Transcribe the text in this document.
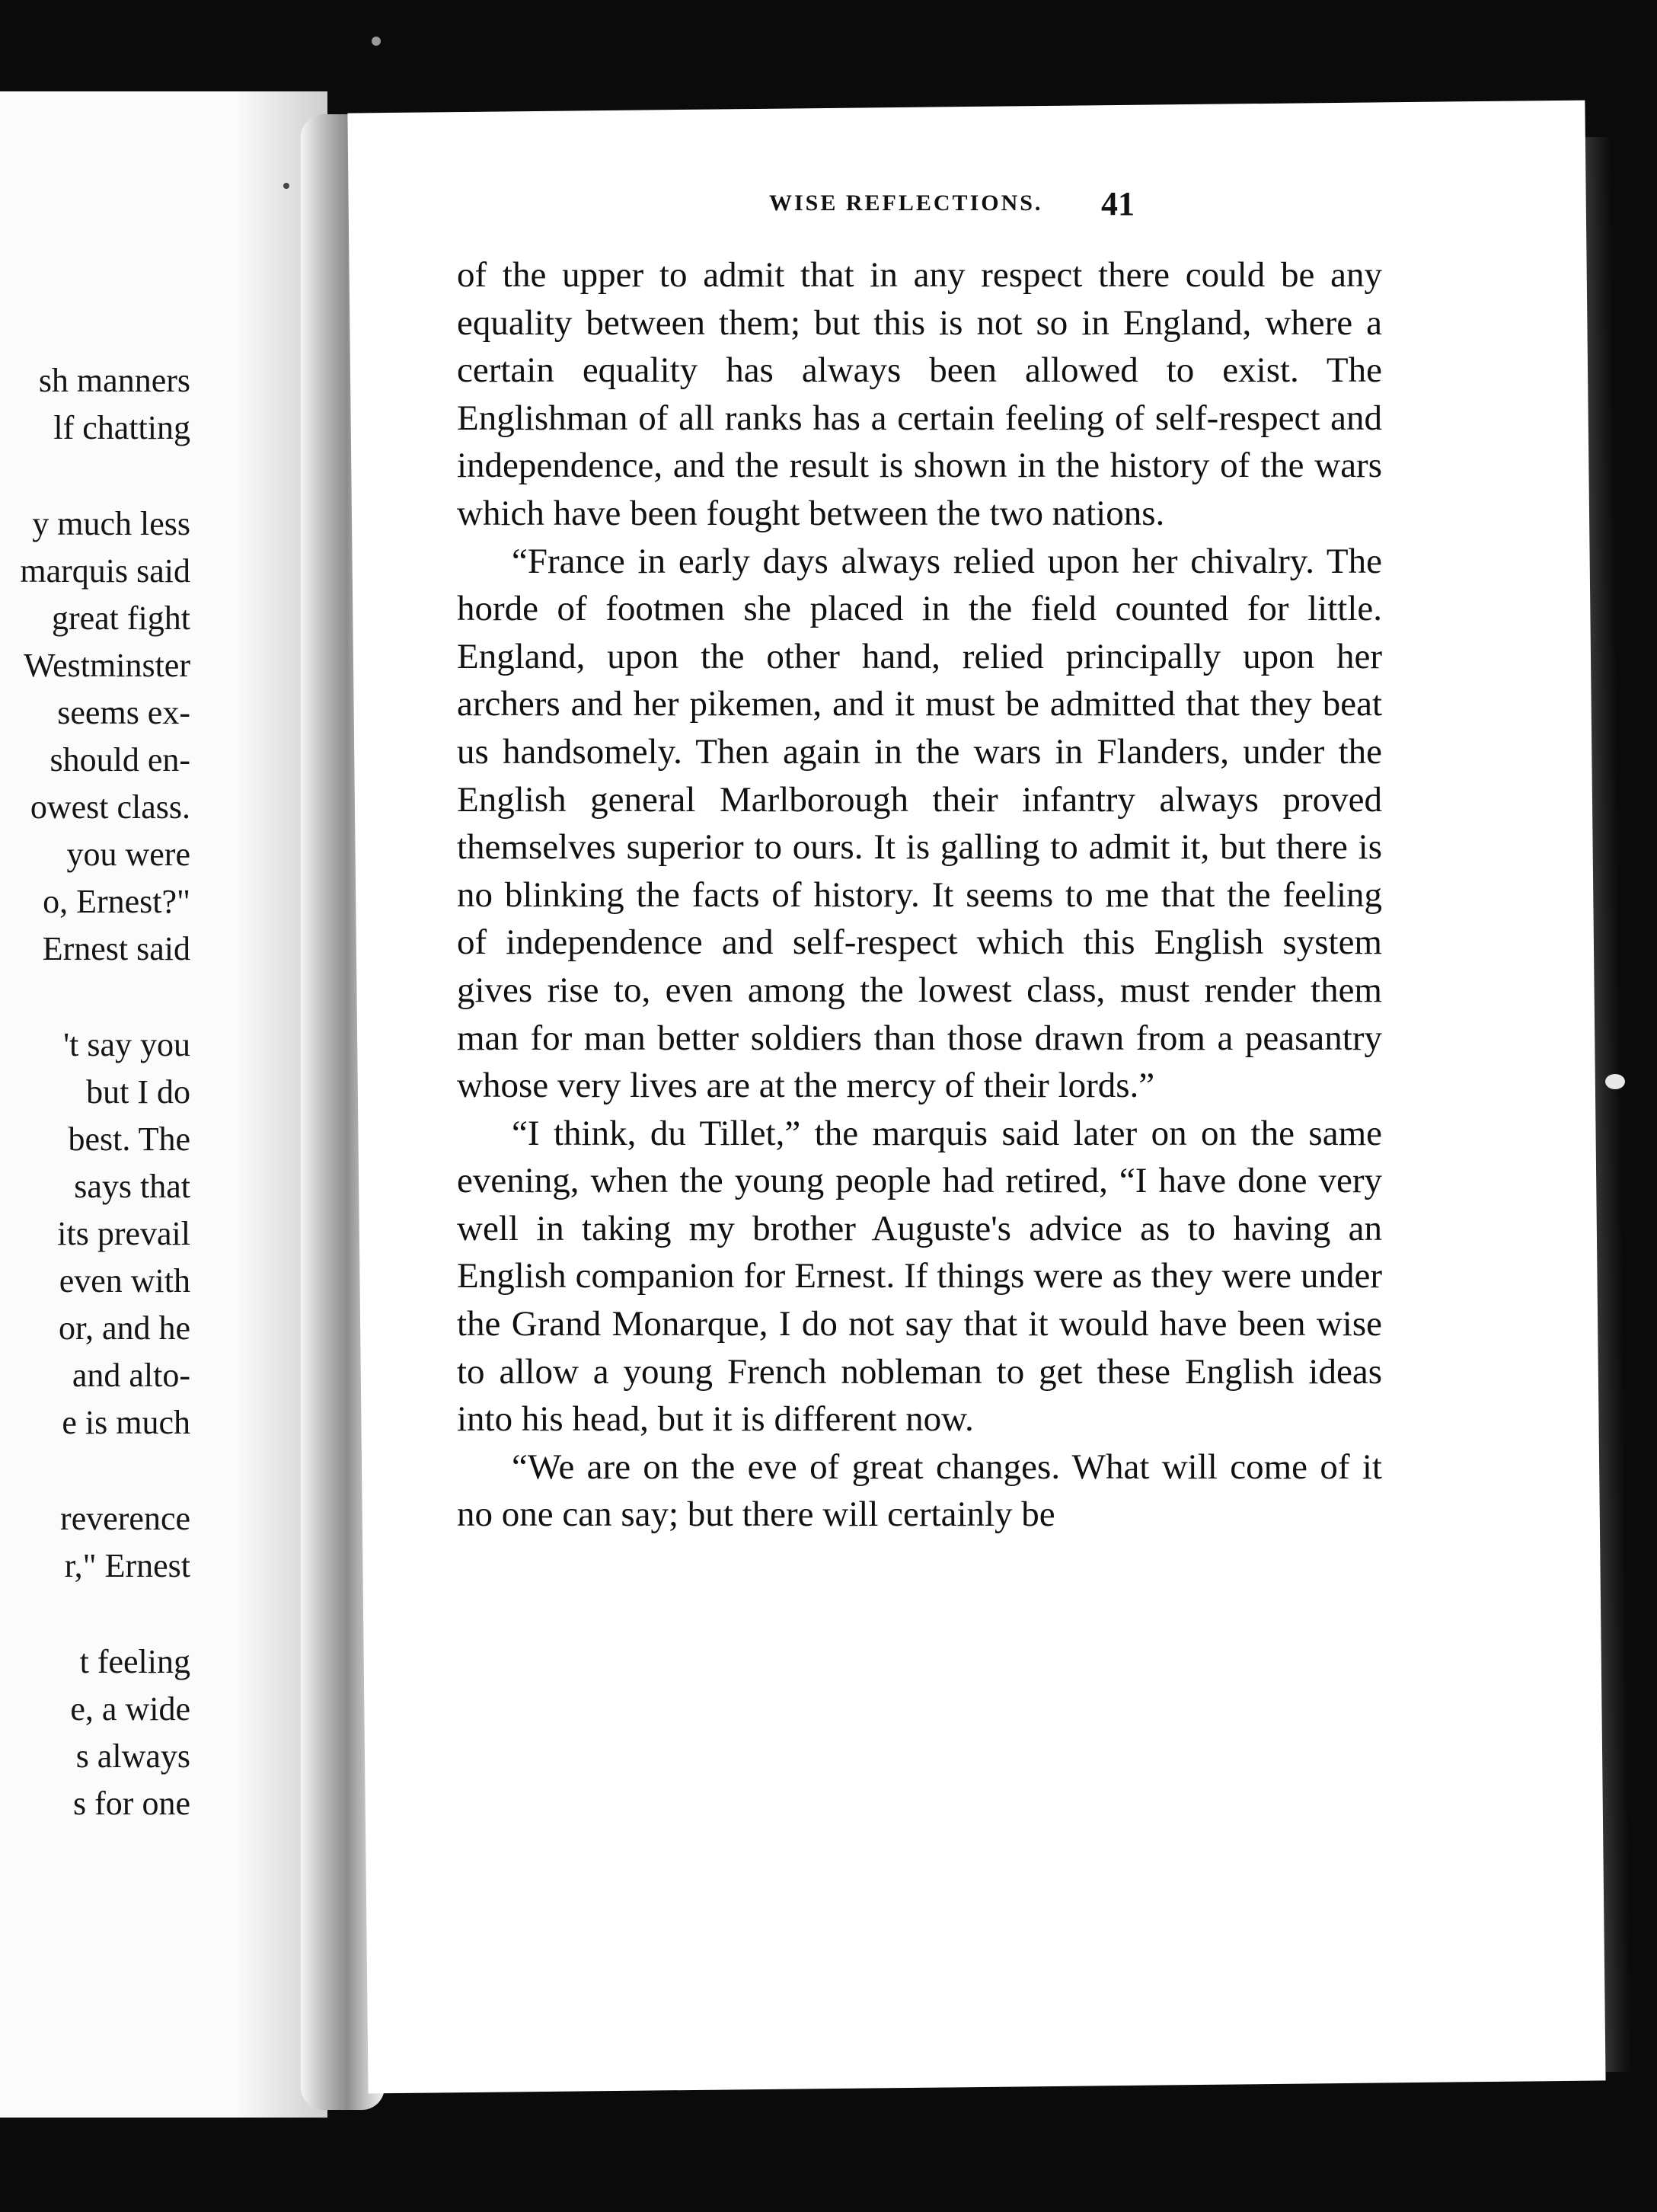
sh manners
lf chatting
y much less
marquis said
great fight
Westminster
seems ex-
should en-
owest class.
you were
o, Ernest?"
Ernest said
't say you
but I do
best. The
says that
its prevail
even with
or, and he
and alto-
e is much
reverence
r," Ernest
t feeling
e, a wide
s always
s for one
WISE REFLECTIONS. 41

of the upper to admit that in any respect there could be any equality between them; but this is not so in England, where a certain equality has always been allowed to exist. The Englishman of all ranks has a certain feeling of self-respect and independence, and the result is shown in the history of the wars which have been fought between the two nations.

“France in early days always relied upon her chivalry. The horde of footmen she placed in the field counted for little. England, upon the other hand, relied principally upon her archers and her pikemen, and it must be admitted that they beat us handsomely. Then again in the wars in Flanders, under the English general Marlborough their infantry always proved themselves superior to ours. It is galling to admit it, but there is no blinking the facts of history. It seems to me that the feeling of independence and self-respect which this English system gives rise to, even among the lowest class, must render them man for man better soldiers than those drawn from a peasantry whose very lives are at the mercy of their lords.”

“I think, du Tillet,” the marquis said later on on the same evening, when the young people had retired, “I have done very well in taking my brother Auguste's advice as to having an English companion for Ernest. If things were as they were under the Grand Monarque, I do not say that it would have been wise to allow a young French nobleman to get these English ideas into his head, but it is different now.

“We are on the eve of great changes. What will come of it no one can say; but there will certainly be
